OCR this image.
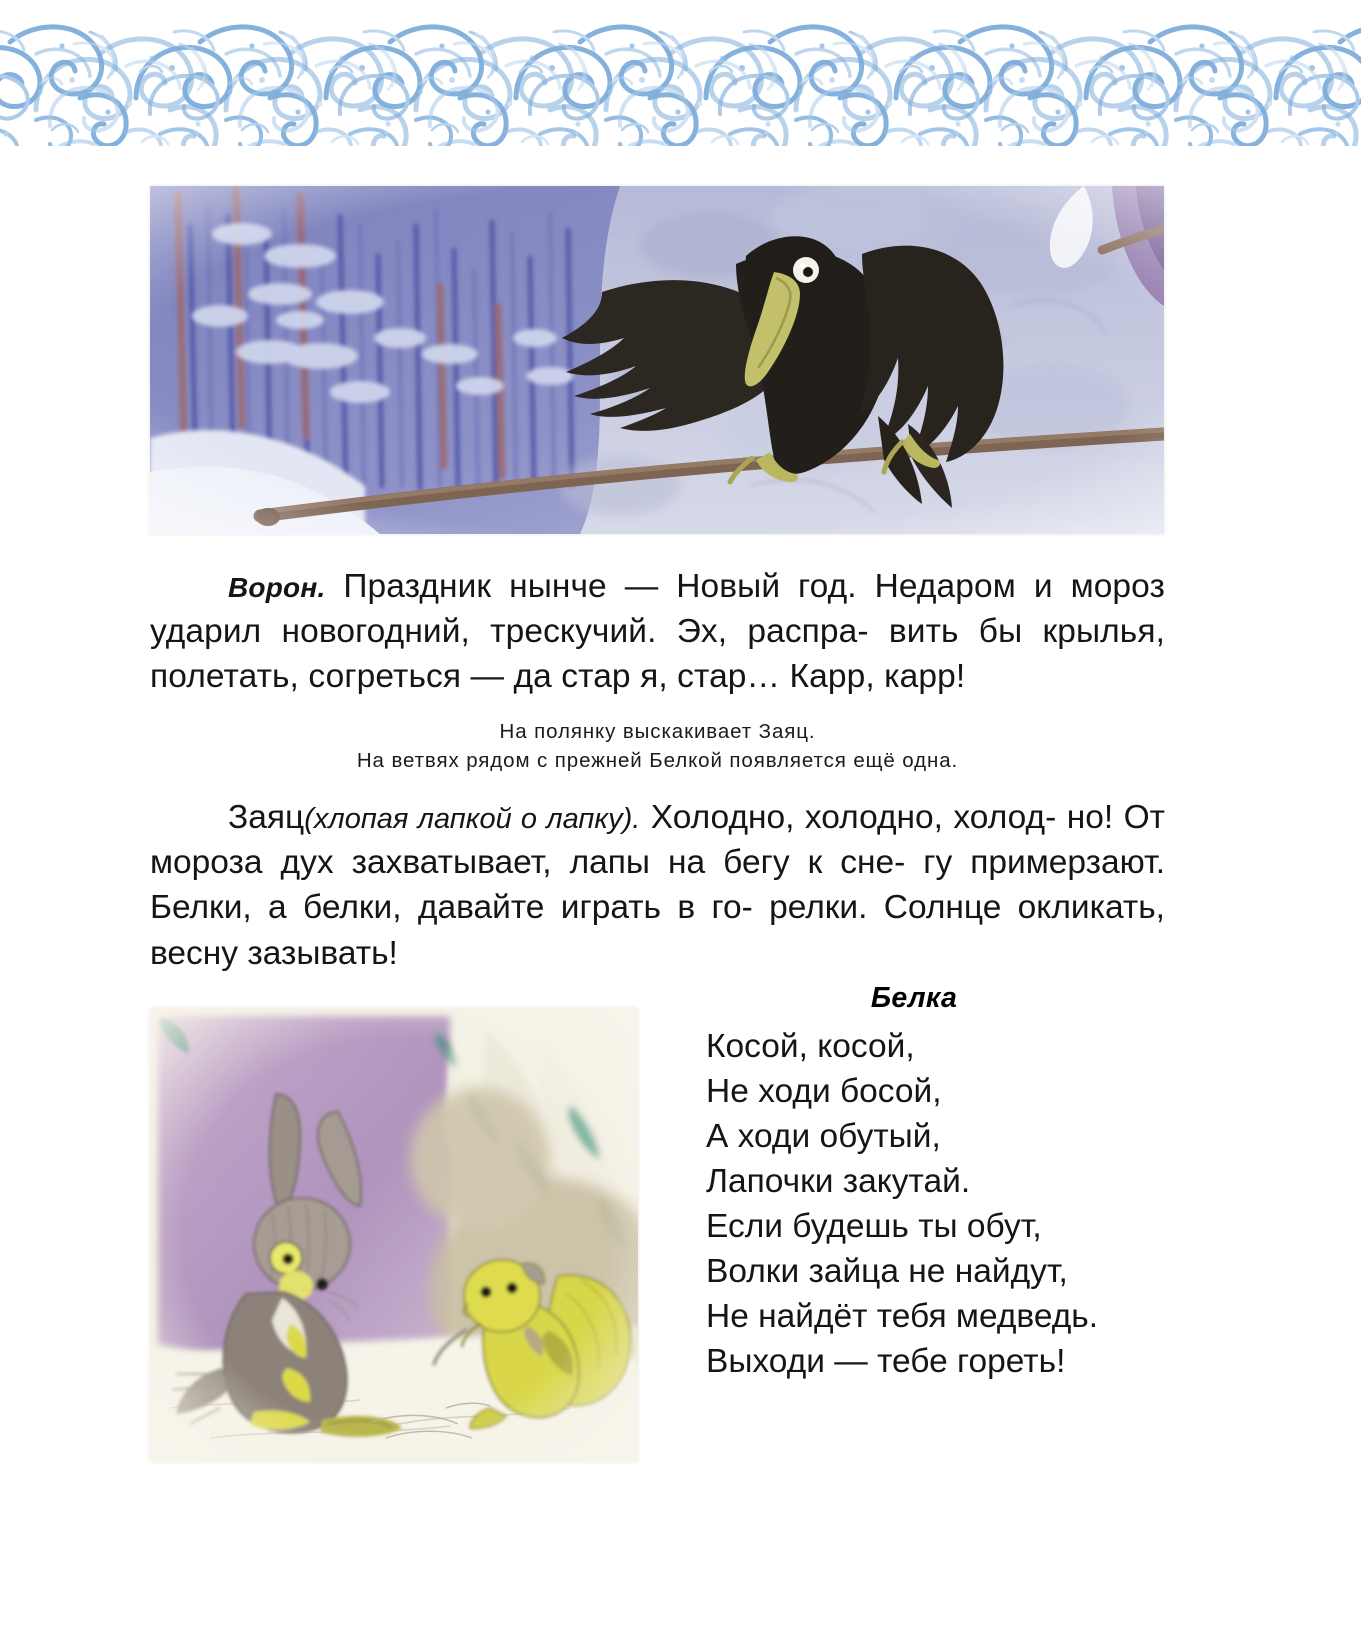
Ворон. Праздник нынче — Новый год. Недаром и мороз ударил новогодний, трескучий. Эх, распра- вить бы крылья, полетать, согреться — да стар я, стар… Карр, карр!
На полянку выскакивает Заяц.
На ветвях рядом с прежней Белкой появляется ещё одна.
Заяц(хлопая лапкой о лапку). Холодно, холодно, холод- но! От мороза дух захватывает, лапы на бегу к сне- гу примерзают. Белки, а белки, давайте играть в го- релки. Солнце окликать, весну зазывать!
Белка
Косой, косой,
Не ходи босой,
А ходи обутый,
Лапочки закутай.
Если будешь ты обут,
Волки зайца не найдут,
Не найдёт тебя медведь.
Выходи — тебе гореть!
